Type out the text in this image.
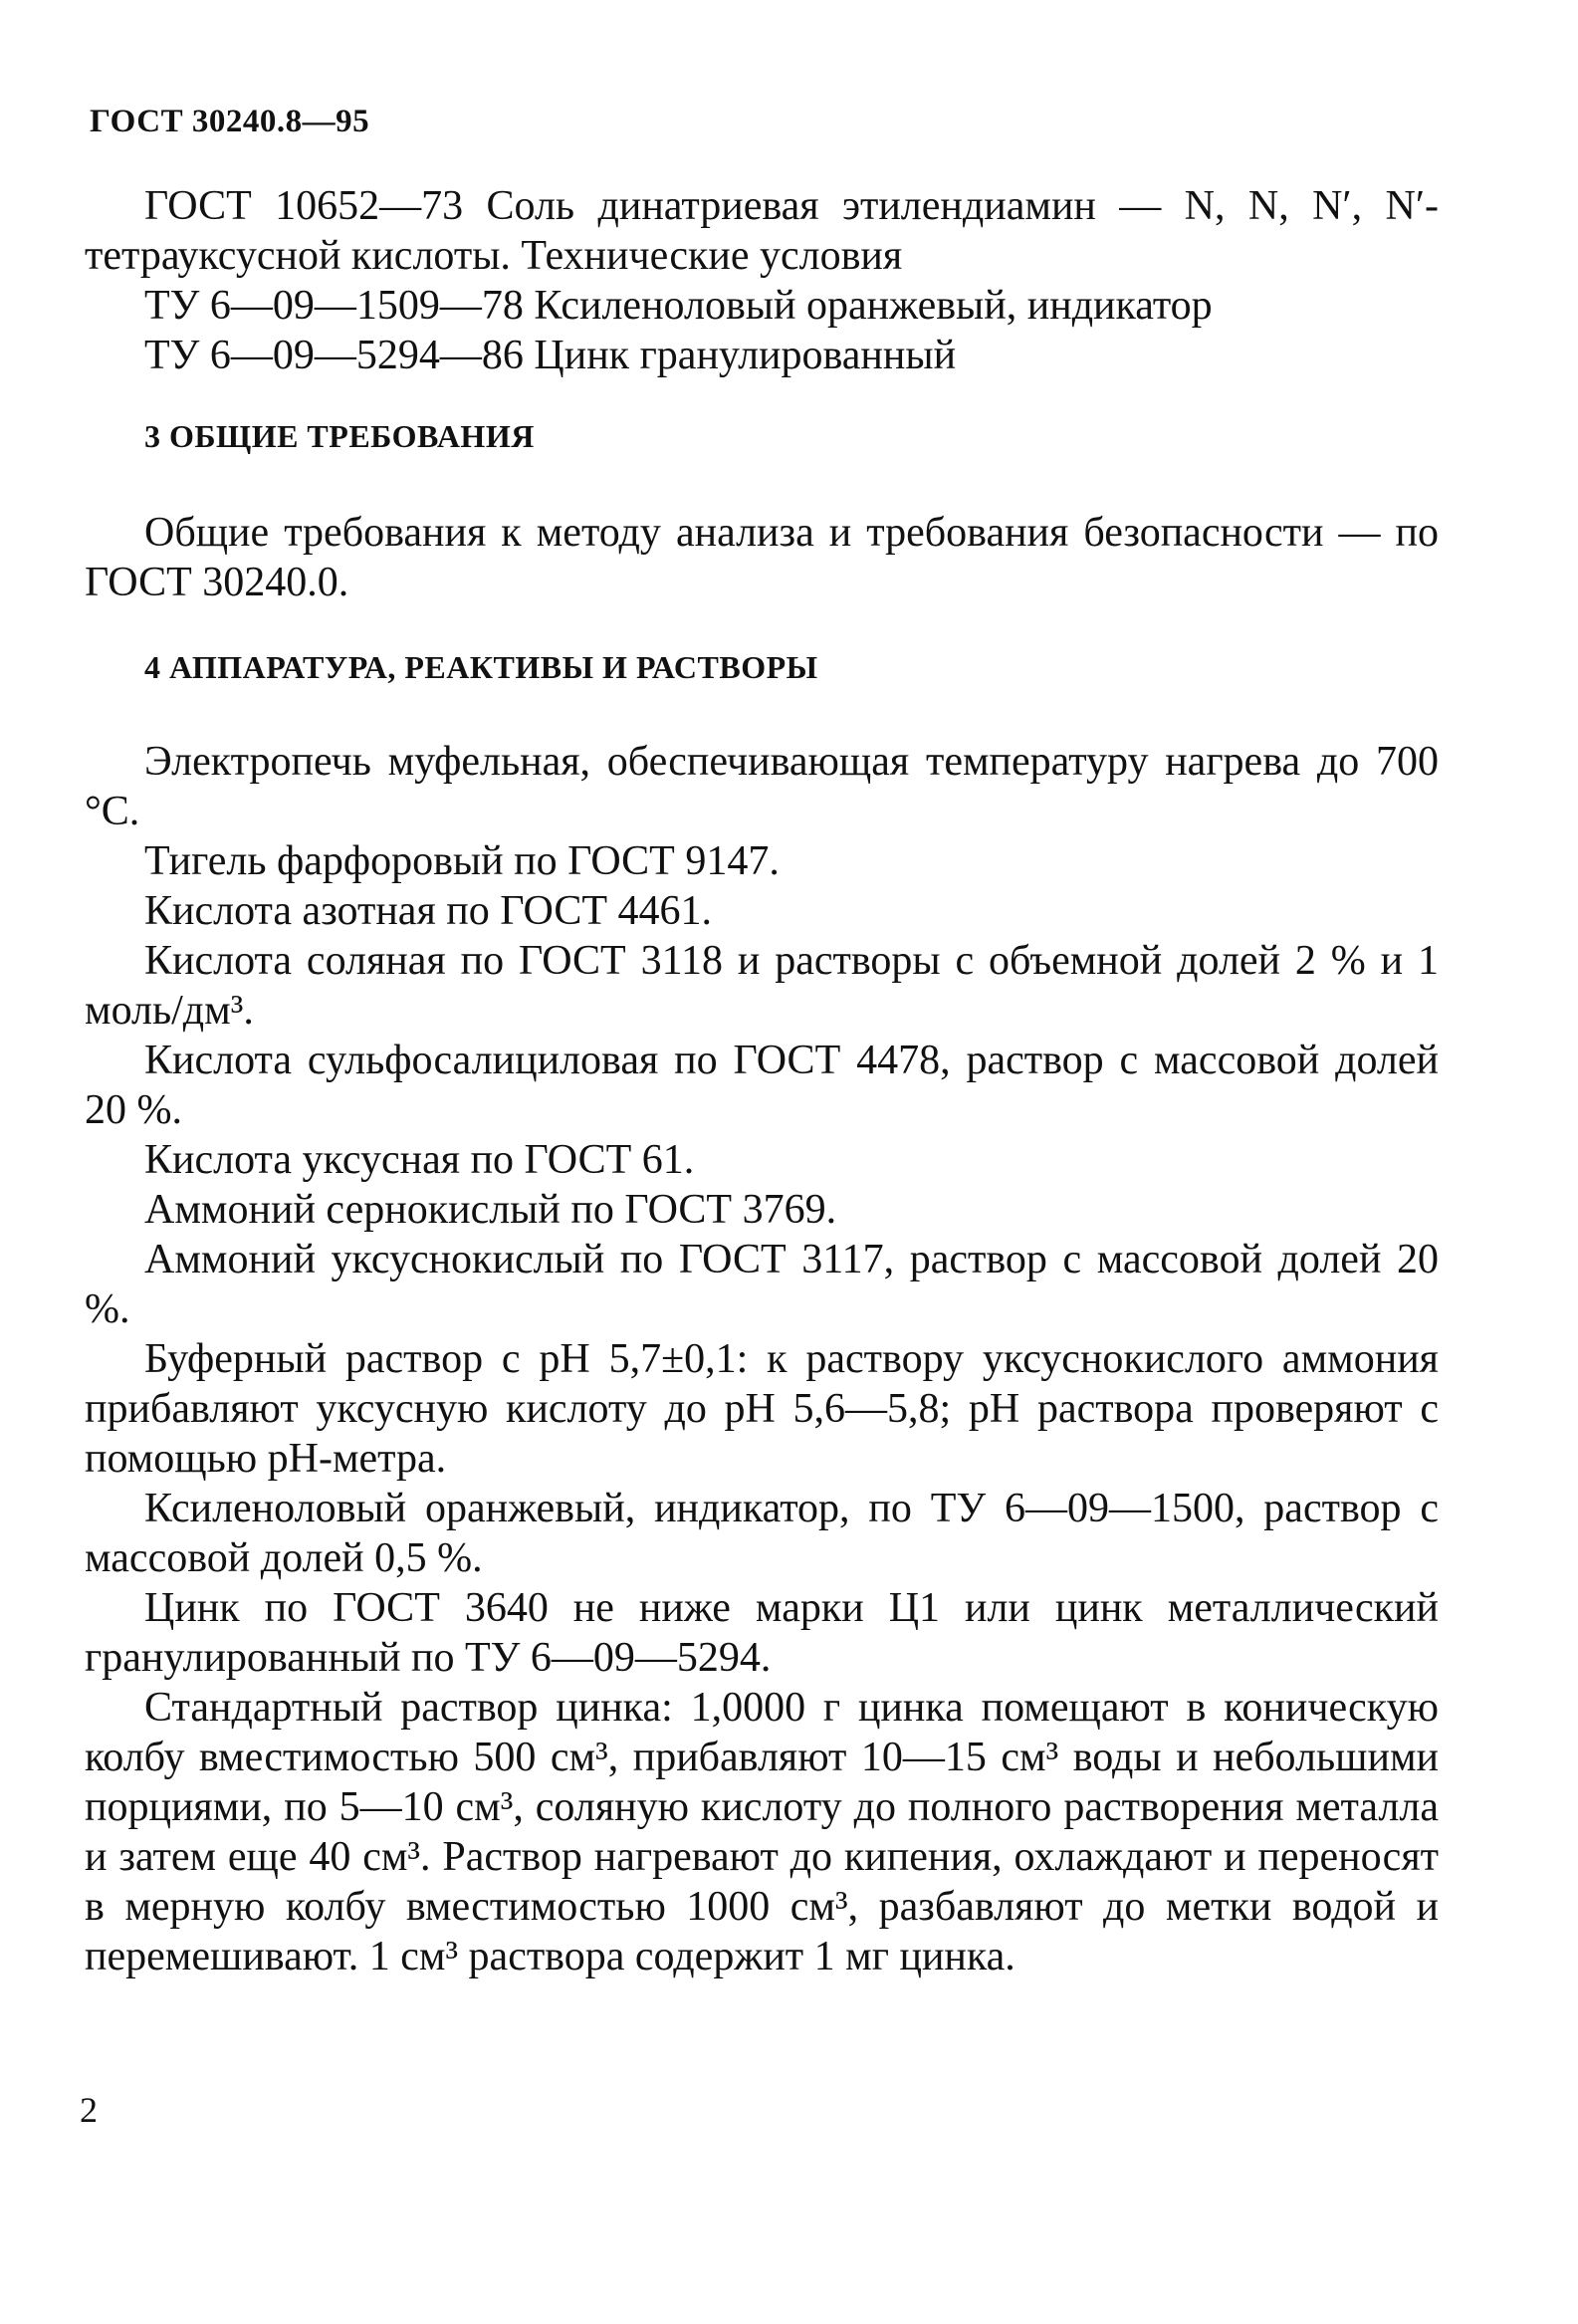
ГОСТ 30240.8—95

ГОСТ 10652—73 Соль динатриевая этилендиамин — N, N, N′, N′-тетрауксусной кислоты. Технические условия

ТУ 6—09—1509—78 Ксиленоловый оранжевый, индикатор

ТУ 6—09—5294—86 Цинк гранулированный

3 ОБЩИЕ ТРЕБОВАНИЯ

Общие требования к методу анализа и требования безопасности — по ГОСТ 30240.0.

4 АППАРАТУРА, РЕАКТИВЫ И РАСТВОРЫ

Электропечь муфельная, обеспечивающая температуру нагрева до 700 °С.

Тигель фарфоровый по ГОСТ 9147.

Кислота азотная по ГОСТ 4461.

Кислота соляная по ГОСТ 3118 и растворы с объемной долей 2 % и 1 моль/дм³.

Кислота сульфосалициловая по ГОСТ 4478, раствор с массовой долей 20 %.

Кислота уксусная по ГОСТ 61.

Аммоний сернокислый по ГОСТ 3769.

Аммоний уксуснокислый по ГОСТ 3117, раствор с массовой долей 20 %.

Буферный раствор с pH 5,7±0,1: к раствору уксуснокислого аммония прибавляют уксусную кислоту до pH 5,6—5,8; pH раствора проверяют с помощью pH-метра.

Ксиленоловый оранжевый, индикатор, по ТУ 6—09—1500, раствор с массовой долей 0,5 %.

Цинк по ГОСТ 3640 не ниже марки Ц1 или цинк металлический гранулированный по ТУ 6—09—5294.

Стандартный раствор цинка: 1,0000 г цинка помещают в коническую колбу вместимостью 500 см³, прибавляют 10—15 см³ воды и небольшими порциями, по 5—10 см³, соляную кислоту до полного растворения металла и затем еще 40 см³. Раствор нагревают до кипения, охлаждают и переносят в мерную колбу вместимостью 1000 см³, разбавляют до метки водой и перемешивают. 1 см³ раствора содержит 1 мг цинка.

2
